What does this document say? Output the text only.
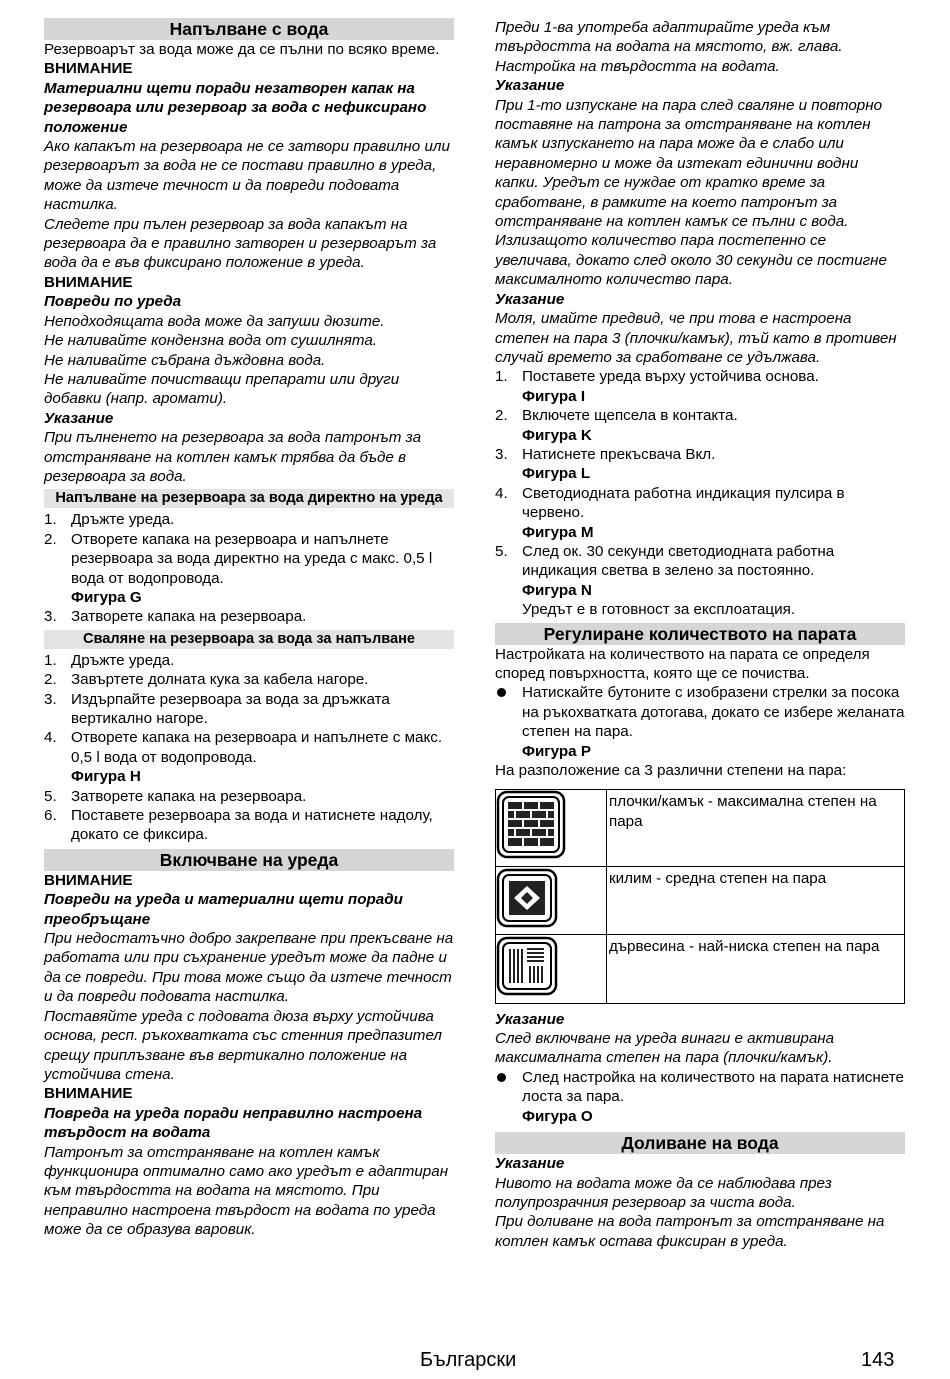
Напълване с вода

Резервоарът за вода може да се пълни по всяко време.

ВНИМАНИЕ

Материални щети поради незатворен капак на резервоара или резервоар за вода с нефиксирано положение

Ако капакът на резервоара не се затвори правилно или резервоарът за вода не се постави правилно в уреда, може да изтече течност и да повреди подовата настилка.

Следете при пълен резервоар за вода капакът на резервоара да е правилно затворен и резервоарът за вода да е във фиксирано положение в уреда.

ВНИМАНИЕ

Повреди по уреда

Неподходящата вода може да запуши дюзите.

Не наливайте кондензна вода от сушилнята.

Не наливайте събрана дъждовна вода.

Не наливайте почистващи препарати или други добавки (напр. аромати).

Указание

При пълненето на резервоара за вода патронът за отстраняване на котлен камък трябва да бъде в резервоара за вода.

Напълване на резервоара за вода директно на уреда
1. Дръжте уреда.
2. Отворете капака на резервоара и напълнете резервоара за вода директно на уреда с макс. 0,5 l вода от водопровода.
Фигура G
3. Затворете капака на резервоара.
Сваляне на резервоара за вода за напълване
1. Дръжте уреда.
2. Завъртете долната кука за кабела нагоре.
3. Издърпайте резервоара за вода за дръжката вертикално нагоре.
4. Отворете капака на резервоара и напълнете с макс. 0,5 l вода от водопровода.
Фигура H
5. Затворете капака на резервоара.
6. Поставете резервоара за вода и натиснете надолу, докато се фиксира.
Включване на уреда

ВНИМАНИЕ

Повреди на уреда и материални щети поради преобръщане

При недостатъчно добро закрепване при прекъсване на работата или при съхранение уредът може да падне и да се повреди. При това може също да изтече течност и да повреди подовата настилка.

Поставяйте уреда с подовата дюза върху устойчива основа, респ. ръкохватката със стенния предпазител срещу приплъзване във вертикално положение на устойчива стена.

ВНИМАНИЕ

Повреда на уреда поради неправилно настроена твърдост на водата

Патронът за отстраняване на котлен камък функционира оптимално само ако уредът е адаптиран към твърдостта на водата на мястото. При неправилно настроена твърдост на водата по уреда може да се образува варовик.

Преди 1-ва употреба адаптирайте уреда към твърдостта на водата на мястото, вж. глава. Настройка на твърдостта на водата.

Указание

При 1-то изпускане на пара след сваляне и повторно поставяне на патрона за отстраняване на котлен камък изпускането на пара може да е слабо или неравномерно и може да изтекат единични водни капки. Уредът се нуждае от кратко време за сработване, в рамките на което патронът за отстраняване на котлен камък се пълни с вода. Излизащото количество пара постепенно се увеличава, докато след около 30 секунди се постигне максималното количество пара.

Указание

Моля, имайте предвид, че при това е настроена степен на пара 3 (плочки/камък), тъй като в противен случай времето за сработване се удължава.

1. Поставете уреда върху устойчива основа.
Фигура I
2. Включете щепсела в контакта.
Фигура K
3. Натиснете прекъсвача Вкл.
Фигура L
4. Светодиодната работна индикация пулсира в червено.
Фигура M
5. След ок. 30 секунди светодиодната работна индикация светва в зелено за постоянно.
Фигура N
Уредът е в готовност за експлоатация.
Регулиране количеството на парата

Настройката на количеството на парата се определя според повърхността, която ще се почиства.

Натискайте бутоните с изобразени стрелки за посока на ръкохватката дотогава, докато се избере желаната степен на пара.
Фигура P

На разположение са 3 различни степени на пара:

	плочки/камък - максимална степен на пара
	килим - средна степен на пара
	дървесина - най-ниска степен на пара

Указание

След включване на уреда винаги е активирана максималната степен на пара (плочки/камък).

След настройка на количеството на парата натиснете лоста за пара.
Фигура O
Доливане на вода

Указание

Нивото на водата може да се наблюдава през полупрозрачния резервоар за чиста вода.

При доливане на вода патронът за отстраняване на котлен камък остава фиксиран в уреда.

Български	143
